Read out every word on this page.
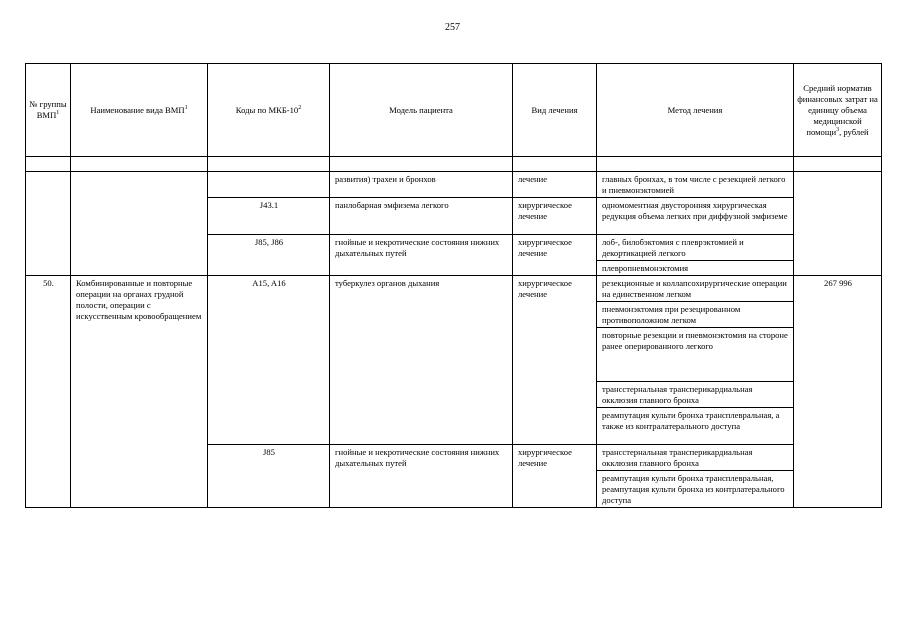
257
№ группы ВМП$^1$	Наименование вида ВМП$^1$	Коды по МКБ-$10^2$	Модель пациента	Вид лечения	Метод лечения	Средний норматив финансовых затрат на единицу объема медицинской помощи$^3$, рублей

			развития) трахеи и бронхов	лечение	главных бронхах, в том числе с резекцией легкого и пневмонэктомией	
		J43.1	панлобарная эмфизема легкого	хирургическое лечение	одномоментная двусторонняя хирургическая редукция объема легких при диффузной эмфиземе	
		J85, J86	гнойные и некротические состояния нижних дыхательных путей	хирургическое лечение	лоб-, билобэктомия с плеврэктомией и декортикацией легкого	
					плевропневмонэктомия	
50.	Комбинированные и повторные операции на органах грудной полости, операции с искусственным кровообращением	A15, A16	туберкулез органов дыхания	хирургическое лечение	резекционные и коллапсохирургические операции на единственном легком	267 996
					пневмонэктомия при резецированном противоположном легком	
					повторные резекции и пневмонэктомия на стороне ранее оперированного легкого	
					трансстернальная трансперикардиальная окклюзия главного бронха	
					реампутация культи бронха трансплевральная, а также из контралатерального доступа	
		J85	гнойные и некротические состояния нижних дыхательных путей	хирургическое лечение	трансстернальная трансперикардиальная окклюзия главного бронха	
					реампутация культи бронха трансплевральная, реампутация культи бронха из контрлатерального доступа	
